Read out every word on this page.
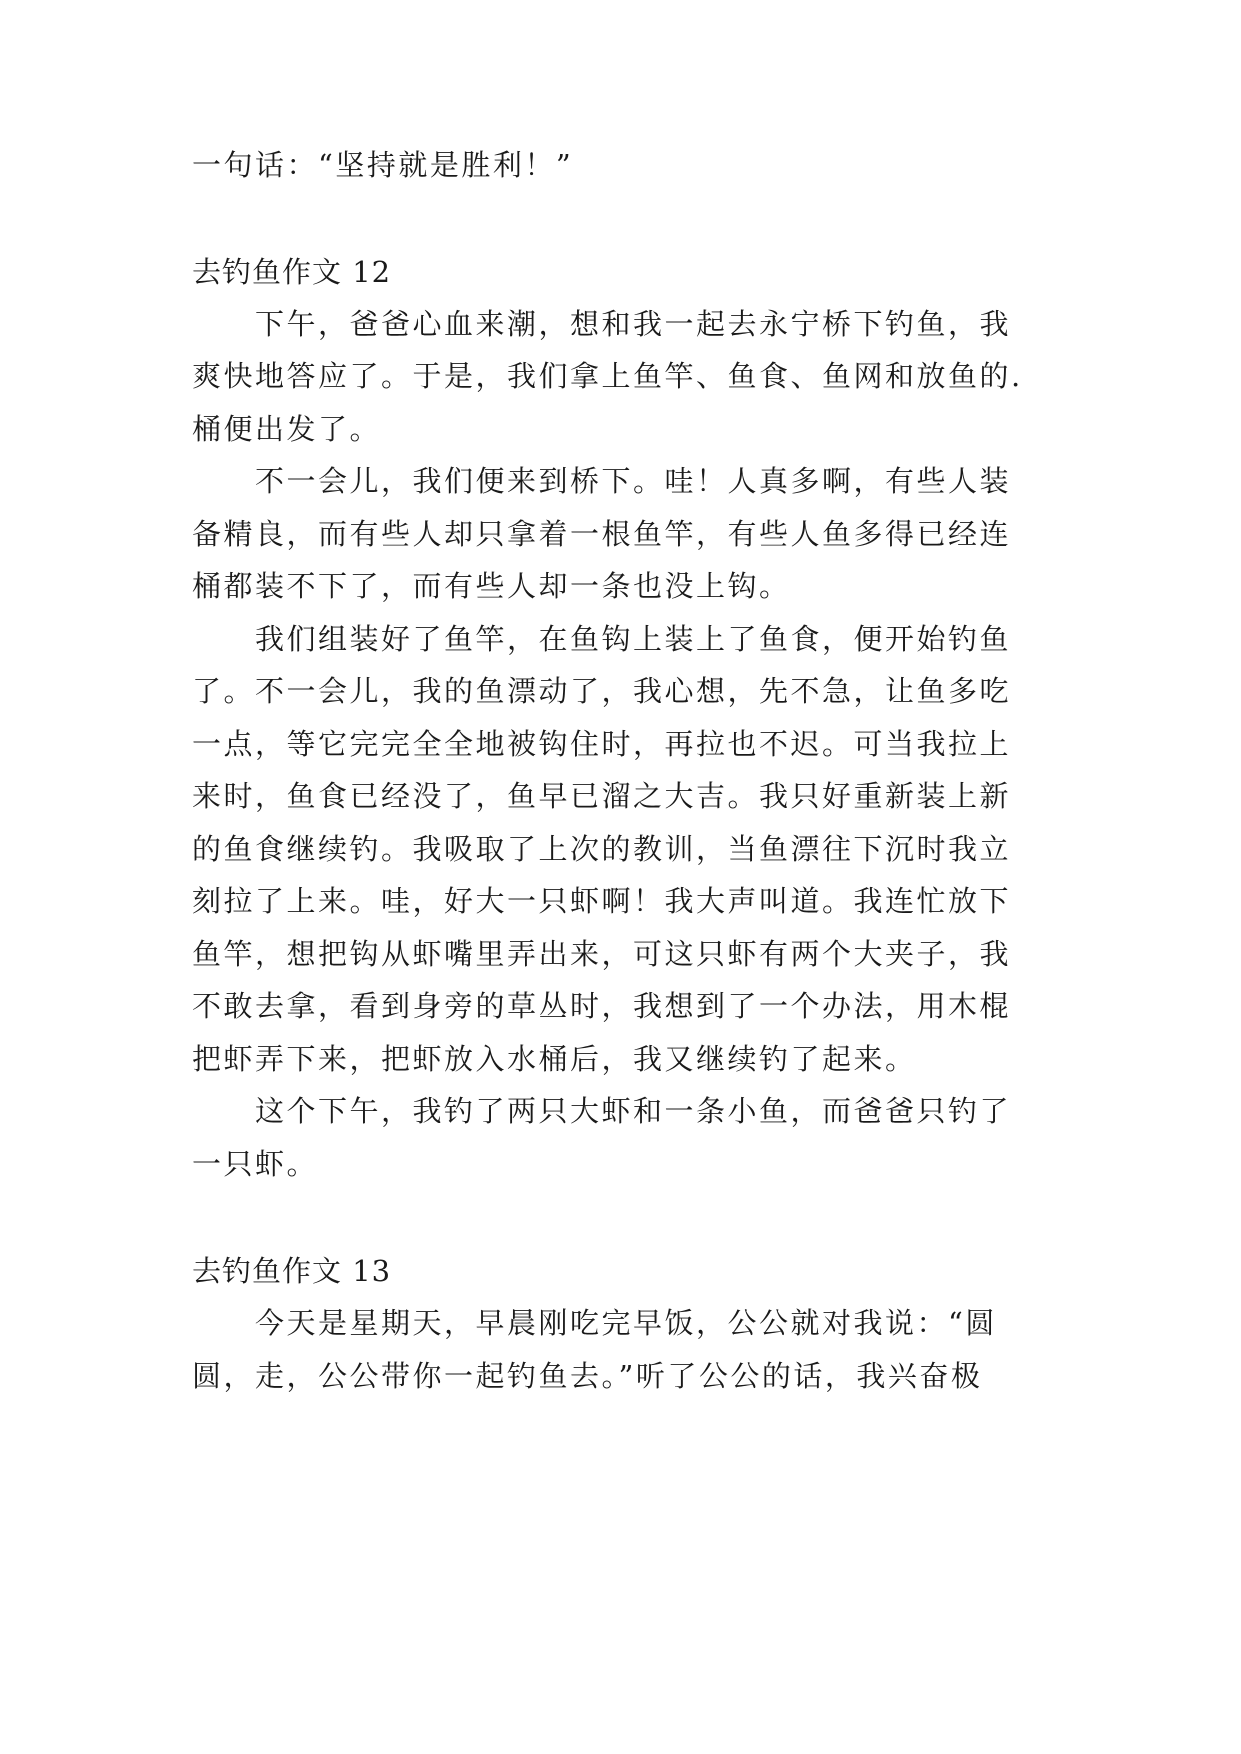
一句话：“坚持就是胜利！”
去钓鱼作文 12
　　下午，爸爸心血来潮，想和我一起去永宁桥下钓鱼，我
爽快地答应了。于是，我们拿上鱼竿、鱼食、鱼网和放鱼的.
桶便出发了。
　　不一会儿，我们便来到桥下。哇！人真多啊，有些人装
备精良，而有些人却只拿着一根鱼竿，有些人鱼多得已经连
桶都装不下了，而有些人却一条也没上钩。
　　我们组装好了鱼竿，在鱼钩上装上了鱼食，便开始钓鱼
了。不一会儿，我的鱼漂动了，我心想，先不急，让鱼多吃
一点，等它完完全全地被钩住时，再拉也不迟。可当我拉上
来时，鱼食已经没了，鱼早已溜之大吉。我只好重新装上新
的鱼食继续钓。我吸取了上次的教训，当鱼漂往下沉时我立
刻拉了上来。哇，好大一只虾啊！我大声叫道。我连忙放下
鱼竿，想把钩从虾嘴里弄出来，可这只虾有两个大夹子，我
不敢去拿，看到身旁的草丛时，我想到了一个办法，用木棍
把虾弄下来，把虾放入水桶后，我又继续钓了起来。
　　这个下午，我钓了两只大虾和一条小鱼，而爸爸只钓了
一只虾。
去钓鱼作文 13
　　今天是星期天，早晨刚吃完早饭，公公就对我说：“圆
圆，走，公公带你一起钓鱼去。”听了公公的话，我兴奋极
